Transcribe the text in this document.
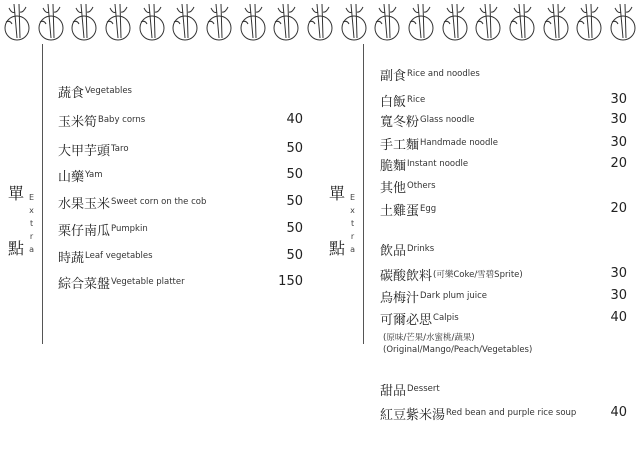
單
點
E
x
t
r
a
蔬食 Vegetables
玉米筍 Baby corns	40
大甲芋頭 Taro	50
山藥 Yam	50
水果玉米 Sweet corn on the cob	50
栗仔南瓜 Pumpkin	50
時蔬 Leaf vegetables	50
綜合菜盤 Vegetable platter	150
單
點
E
x
t
r
a
副食 Rice and noodles
白飯 Rice	30
寬冬粉 Glass noodle	30
手工麵 Handmade noodle	30
脆麵 Instant noodle	20
其他 Others
土雞蛋 Egg	20
飲品 Drinks
碳酸飲料 (可樂Coke/雪碧Sprite)	30
烏梅汁 Dark plum juice	30
可爾必思 Calpis	40
(原味/芒果/水蜜桃/蔬果)
(Original/Mango/Peach/Vegetables)
甜品 Dessert
紅豆紫米湯 Red bean and purple rice soup	40
